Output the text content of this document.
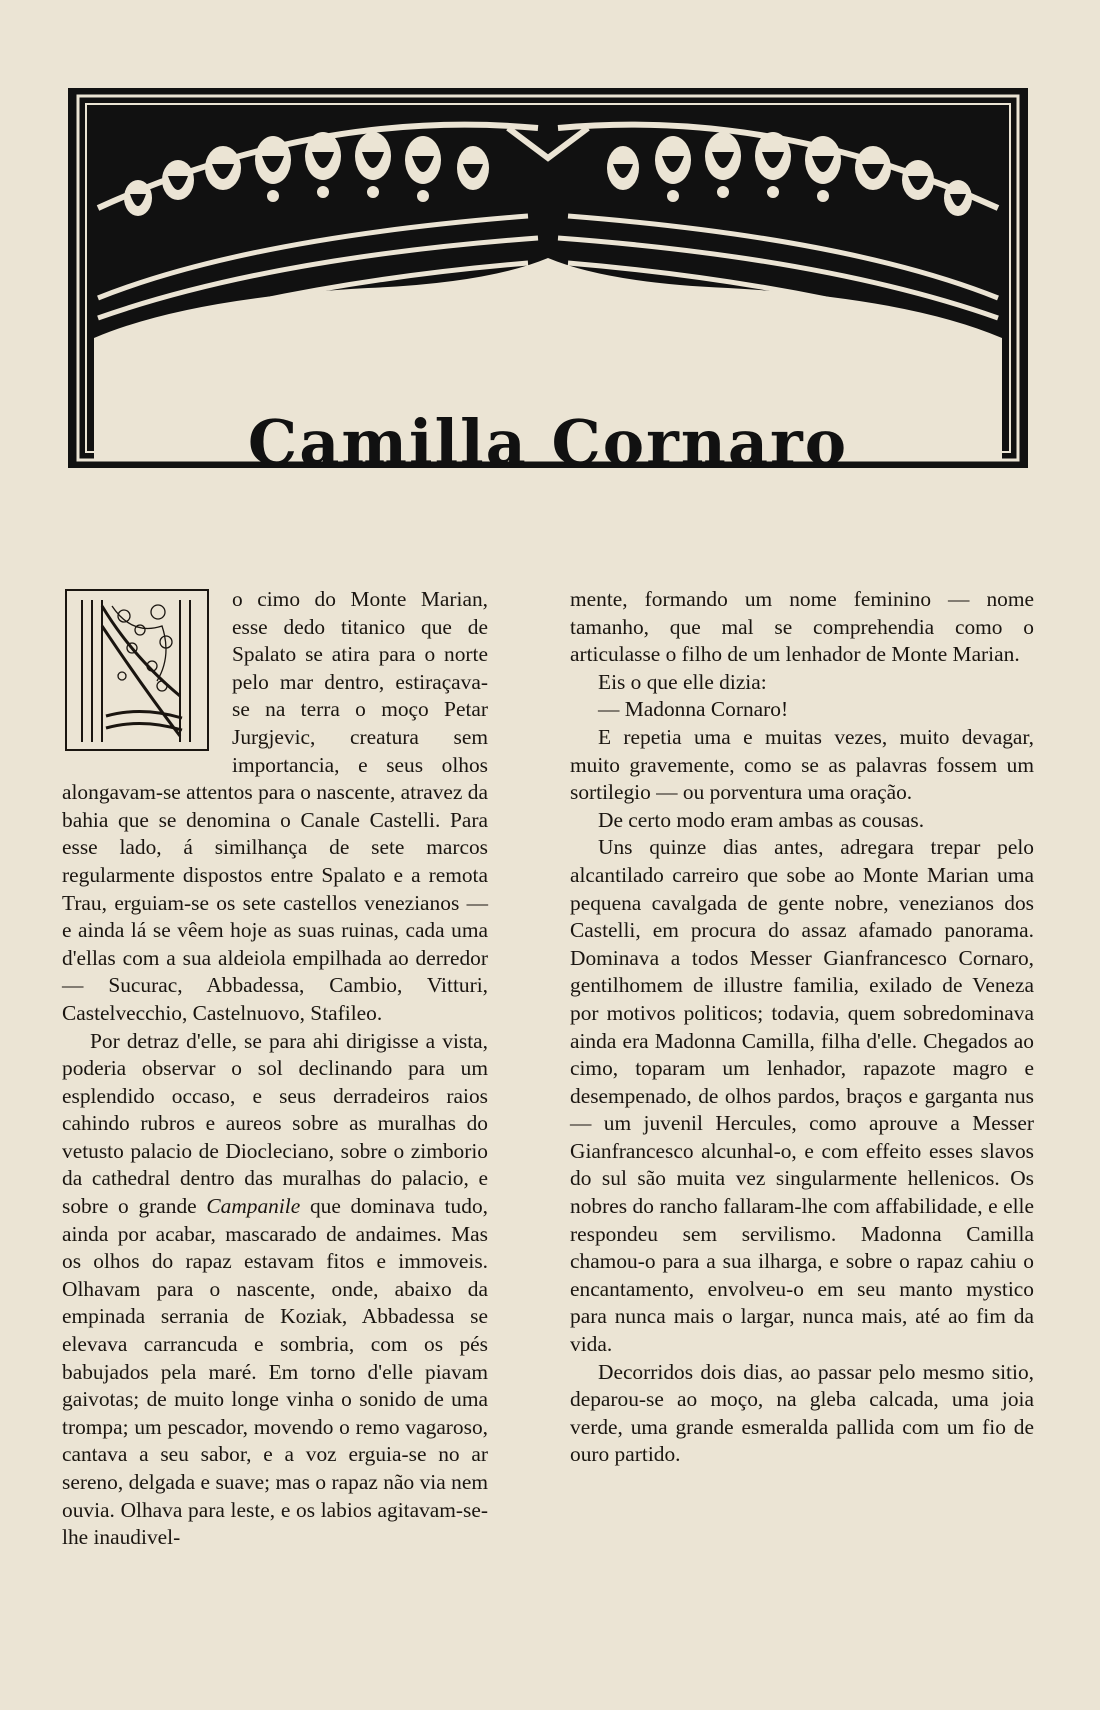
Camilla Cornaro

o cimo do Monte Marian, esse dedo titanico que de Spalato se atira para o norte pelo mar dentro, estiraçava-se na terra o moço Petar Jurgjevic, creatura sem importancia, e seus olhos alongavam-se attentos para o nascente, atravez da bahia que se denomina o Canale Castelli. Para esse lado, á similhança de sete marcos regularmente dispostos entre Spalato e a remota Trau, erguiam-se os sete castellos venezianos — e ainda lá se vêem hoje as suas ruinas, cada uma d'ellas com a sua aldeiola empilhada ao derredor — Sucurac, Abbadessa, Cambio, Vitturi, Castelvecchio, Castelnuovo, Stafileo.

Por detraz d'elle, se para ahi dirigisse a vista, poderia observar o sol declinando para um esplendido occaso, e seus derradeiros raios cahindo rubros e aureos sobre as muralhas do vetusto palacio de Diocleciano, sobre o zimborio da cathedral dentro das muralhas do palacio, e sobre o grande Campanile que dominava tudo, ainda por acabar, mascarado de andaimes. Mas os olhos do rapaz estavam fitos e immoveis. Olhavam para o nascente, onde, abaixo da empinada serrania de Koziak, Abbadessa se elevava carrancuda e sombria, com os pés babujados pela maré. Em torno d'elle piavam gaivotas; de muito longe vinha o sonido de uma trompa; um pescador, movendo o remo vagaroso, cantava a seu sabor, e a voz erguia-se no ar sereno, delgada e suave; mas o rapaz não via nem ouvia. Olhava para leste, e os labios agitavam-se-lhe inaudivel-

mente, formando um nome feminino — nome tamanho, que mal se comprehendia como o articulasse o filho de um lenhador de Monte Marian.

Eis o que elle dizia:

— Madonna Cornaro!

E repetia uma e muitas vezes, muito devagar, muito gravemente, como se as palavras fossem um sortilegio — ou porventura uma oração.

De certo modo eram ambas as cousas.

Uns quinze dias antes, adregara trepar pelo alcantilado carreiro que sobe ao Monte Marian uma pequena cavalgada de gente nobre, venezianos dos Castelli, em procura do assaz afamado panorama. Dominava a todos Messer Gianfrancesco Cornaro, gentilhomem de illustre familia, exilado de Veneza por motivos politicos; todavia, quem sobredominava ainda era Madonna Camilla, filha d'elle. Chegados ao cimo, toparam um lenhador, rapazote magro e desempenado, de olhos pardos, braços e garganta nus — um juvenil Hercules, como aprouve a Messer Gianfrancesco alcunhal-o, e com effeito esses slavos do sul são muita vez singularmente hellenicos. Os nobres do rancho fallaram-lhe com affabilidade, e elle respondeu sem servilismo. Madonna Camilla chamou-o para a sua ilharga, e sobre o rapaz cahiu o encantamento, envolveu-o em seu manto mystico para nunca mais o largar, nunca mais, até ao fim da vida.

Decorridos dois dias, ao passar pelo mesmo sitio, deparou-se ao moço, na gleba calcada, uma joia verde, uma grande esmeralda pallida com um fio de ouro partido.
